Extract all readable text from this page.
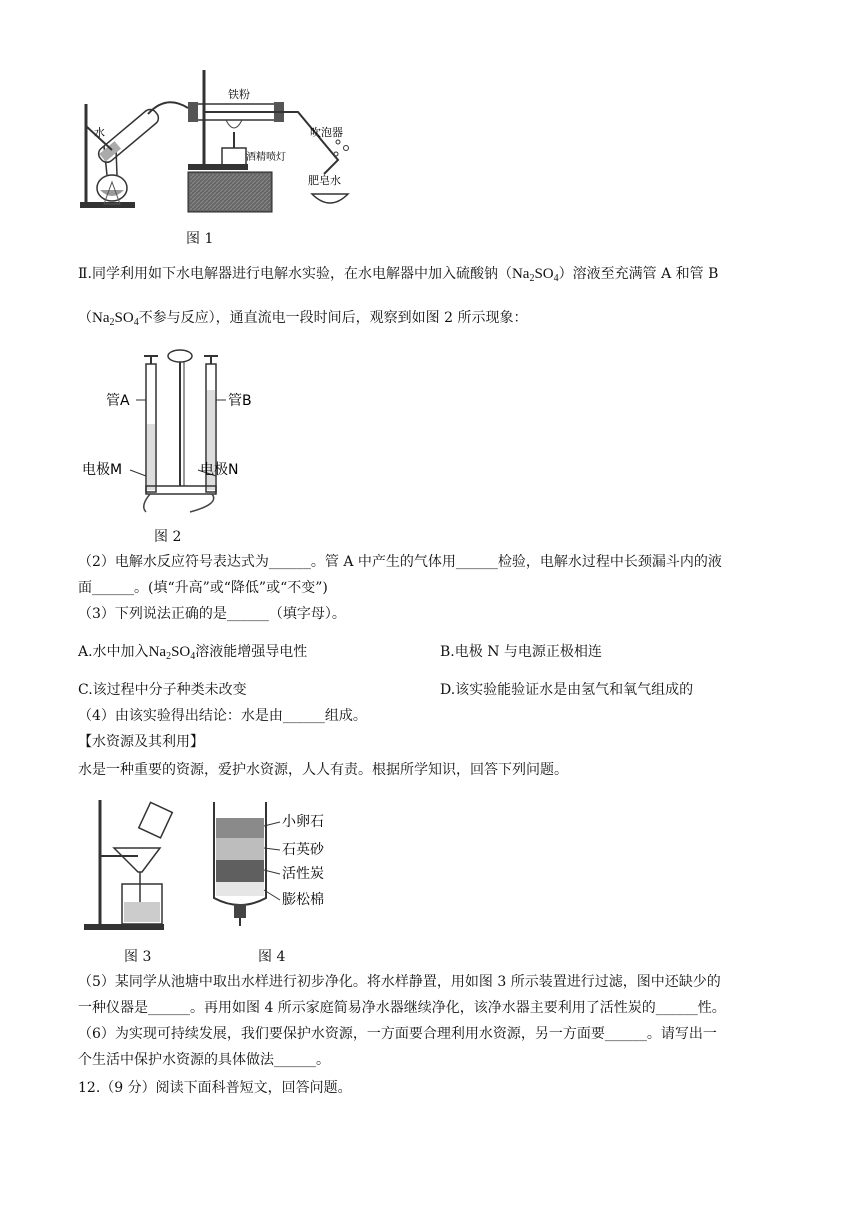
水
铁粉
吹泡器
酒精喷灯
肥皂水
图 1
Ⅱ.同学利用如下水电解器进行电解水实验，在水电解器中加入硫酸钠$(Na_2SO_4)$溶液至充满管 A 和管 B
（$Na_2SO_4$不参与反应），通直流电一段时间后，观察到如图 2 所示现象：
管A	管B
电极M	电极N
图 2
（2）电解水反应符号表达式为______。管 A 中产生的气体用______检验，电解水过程中长颈漏斗内的液
面______。(填“升高”或“降低”或“不变”)
（3）下列说法正确的是______（填字母）。
A.水中加入$Na_2SO_4$溶液能增强导电性	B.电极 N 与电源正极相连
C.该过程中分子种类未改变	D.该实验能验证水是由氢气和氧气组成的
（4）由该实验得出结论：水是由______组成。
【水资源及其利用】
水是一种重要的资源，爱护水资源，人人有责。根据所学知识，回答下列问题。
图 3
小卵石
石英砂
活性炭
膨松棉
图 4
（5）某同学从池塘中取出水样进行初步净化。将水样静置，用如图 3 所示装置进行过滤，图中还缺少的
一种仪器是______。再用如图 4 所示家庭简易净水器继续净化，该净水器主要利用了活性炭的______性。
（6）为实现可持续发展，我们要保护水资源，一方面要合理利用水资源，另一方面要______。请写出一
个生活中保护水资源的具体做法______。
12.（9 分）阅读下面科普短文，回答问题。
